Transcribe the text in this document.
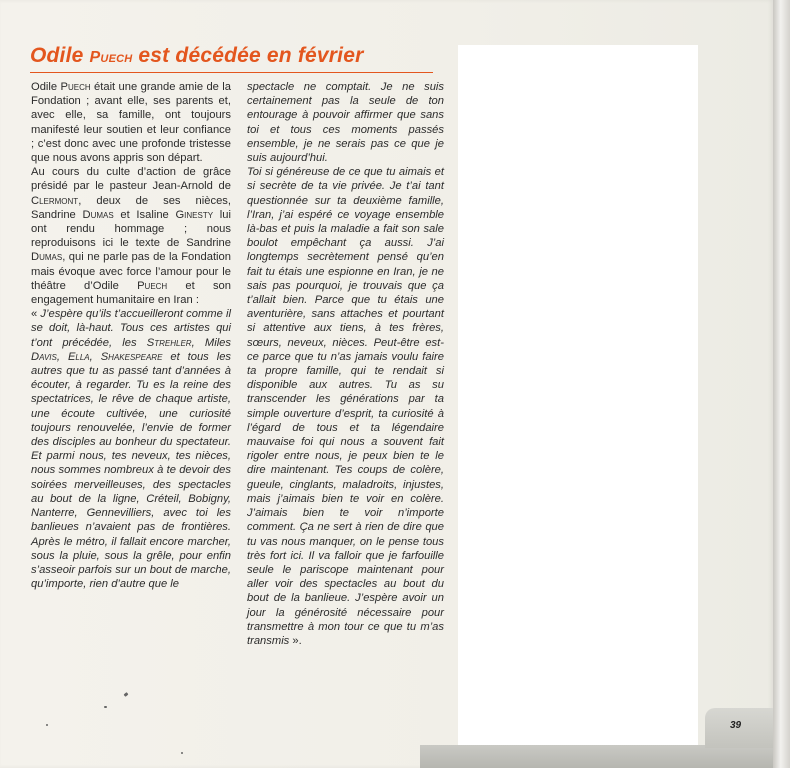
Odile Puech est décédée en février

Odile Puech était une grande amie de la Fondation ; avant elle, ses parents et, avec elle, sa famille, ont toujours manifesté leur soutien et leur confiance ; c’est donc avec une profonde tristesse que nous avons appris son départ.

Au cours du culte d’action de grâce présidé par le pasteur Jean-Arnold de Clermont, deux de ses nièces, Sandrine Dumas et Isaline Ginesty lui ont rendu hommage ; nous reproduisons ici le texte de Sandrine Dumas, qui ne parle pas de la Fondation mais évoque avec force l’amour pour le théâtre d’Odile Puech et son engagement humanitaire en Iran :

« J’espère qu’ils t’accueilleront comme il se doit, là-haut. Tous ces artistes qui t’ont précédée, les Strehler, Miles Davis, Ella, Shakespeare et tous les autres que tu as passé tant d’années à écouter, à regarder. Tu es la reine des spectatrices, le rêve de chaque artiste, une écoute cultivée, une curiosité toujours renouvelée, l’envie de former des disciples au bonheur du spectateur. Et parmi nous, tes neveux, tes nièces, nous sommes nombreux à te devoir des soirées merveilleuses, des spectacles au bout de la ligne, Créteil, Bobigny, Nanterre, Gennevilliers, avec toi les banlieues n’avaient pas de frontières. Après le métro, il fallait encore marcher, sous la pluie, sous la grêle, pour enfin s’asseoir parfois sur un bout de marche, qu’importe, rien d’autre que le

spectacle ne comptait. Je ne suis certainement pas la seule de ton entourage à pouvoir affirmer que sans toi et tous ces moments passés ensemble, je ne serais pas ce que je suis aujourd’hui.

Toi si généreuse de ce que tu aimais et si secrète de ta vie privée. Je t’ai tant questionnée sur ta deuxième famille, l’Iran, j’ai espéré ce voyage ensemble là-bas et puis la maladie a fait son sale boulot empêchant ça aussi. J’ai longtemps secrètement pensé qu’en fait tu étais une espionne en Iran, je ne sais pas pourquoi, je trouvais que ça t’allait bien. Parce que tu étais une aventurière, sans attaches et pourtant si attentive aux tiens, à tes frères, sœurs, neveux, nièces. Peut-être est-ce parce que tu n’as jamais voulu faire ta propre famille, qui te rendait si disponible aux autres. Tu as su transcender les générations par ta simple ouverture d’esprit, ta curiosité à l’égard de tous et ta légendaire mauvaise foi qui nous a souvent fait rigoler entre nous, je peux bien te le dire maintenant. Tes coups de colère, gueule, cinglants, maladroits, injustes, mais j’aimais bien te voir en colère. J’aimais bien te voir n’importe comment. Ça ne sert à rien de dire que tu vas nous manquer, on le pense tous très fort ici. Il va falloir que je farfouille seule le pariscope maintenant pour aller voir des spectacles au bout du bout de la banlieue. J’espère avoir un jour la générosité nécessaire pour transmettre à mon tour ce que tu m’as transmis ».

39
